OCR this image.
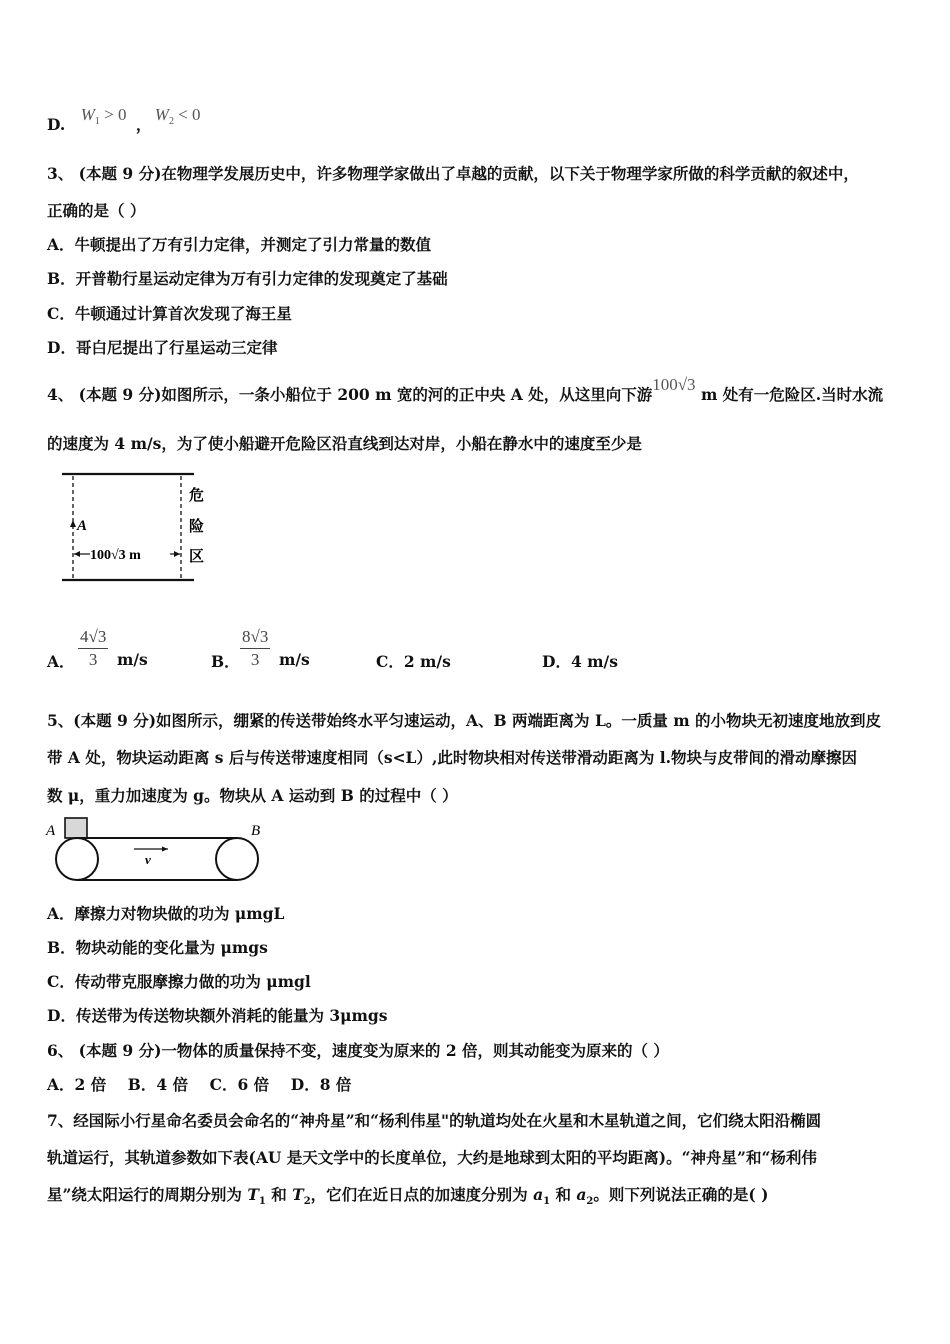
D. $W_1 > 0$ ， $W_2 < 0$
3、 (本题 9 分)在物理学发展历史中，许多物理学家做出了卓越的贡献，以下关于物理学家所做的科学贡献的叙述中，
正确的是（ ）
A．牛顿提出了万有引力定律，并测定了引力常量的数值
B．开普勒行星运动定律为万有引力定律的发现奠定了基础
C．牛顿通过计算首次发现了海王星
D．哥白尼提出了行星运动三定律
4、 (本题 9 分)如图所示，一条小船位于 200 m 宽的河的正中央 A 处，从这里向下游100√3 m 处有一危险区.当时水流
的速度为 4 m/s，为了使小船避开危险区沿直线到达对岸，小船在静水中的速度至少是
A
100√3 m
危
险
区
A．
4√3
3	m/s	B．
8√3
3	m/s	C．2 m/s	D．4 m/s
5、(本题 9 分)如图所示，绷紧的传送带始终水平匀速运动，A、B 两端距离为 L。一质量 m 的小物块无初速度地放到皮
带 A 处，物块运动距离 s 后与传送带速度相同（s<L）,此时物块相对传送带滑动距离为 l.物块与皮带间的滑动摩擦因
数 μ，重力加速度为 g。物块从 A 运动到 B 的过程中（ ）
A	B
v
A．摩擦力对物块做的功为 μmgL
B．物块动能的变化量为 μmgs
C．传动带克服摩擦力做的功为 μmgl
D．传送带为传送物块额外消耗的能量为 3μmgs
6、 (本题 9 分)一物体的质量保持不变，速度变为原来的 2 倍，则其动能变为原来的（ ）
A．2 倍    B．4 倍    C．6 倍    D．8 倍
7、经国际小行星命名委员会命名的“神舟星”和“杨利伟星"的轨道均处在火星和木星轨道之间，它们绕太阳沿椭圆
轨道运行，其轨道参数如下表(AU 是天文学中的长度单位，大约是地球到太阳的平均距离)。“神舟星”和“杨利伟
星”绕太阳运行的周期分别为 $T_1$ 和 $T_2$，它们在近日点的加速度分别为 $a_1$ 和 $a_2$。则下列说法正确的是( )
